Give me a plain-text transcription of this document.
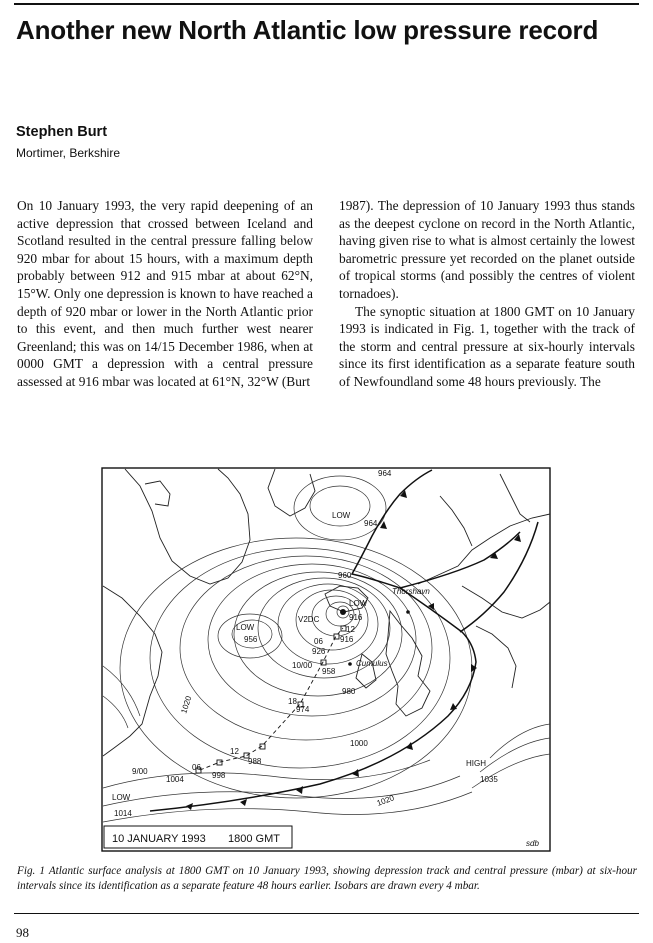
Another new North Atlantic low pressure record
Stephen Burt
Mortimer, Berkshire

On 10 January 1993, the very rapid deepening of an active depression that crossed between Iceland and Scotland resulted in the central pressure falling below 920 mbar for about 15 hours, with a maximum depth probably between 912 and 915 mbar at about 62°N, 15°W. Only one depression is known to have reached a depth of 920 mbar or lower in the North Atlantic prior to this event, and then much further west nearer Greenland; this was on 14/15 December 1986, when at 0000 GMT a depression with a central pressure assessed at 916 mbar was located at 61°N, 32°W (Burt

1987). The depression of 10 January 1993 thus stands as the deepest cyclone on record in the North Atlantic, having given rise to what is almost certainly the lowest barometric pressure yet recorded on the planet outside of tropical storms (and possibly the centres of violent tornadoes).

The synoptic situation at 1800 GMT on 10 January 1993 is indicated in Fig. 1, together with the track of the storm and central pressure at six-hourly intervals since its first identification as a separate feature south of Newfoundland some 48 hours previously. The

964
LOW
964
960
Thorshavn
LOW
916
V2DC
12
06 916
926
LOW
956
10/00
958
Cumulus
980
18
974
1020
1000
12
988
06
998
9/00
1004
LOW
1014
HIGH
1035
1020
sdb
10 JANUARY 1993 1800 GMT
Fig. 1 Atlantic surface analysis at 1800 GMT on 10 January 1993, showing depression track and central pressure (mbar) at six-hour intervals since its identification as a separate feature 48 hours earlier. Isobars are drawn every 4 mbar.
98
